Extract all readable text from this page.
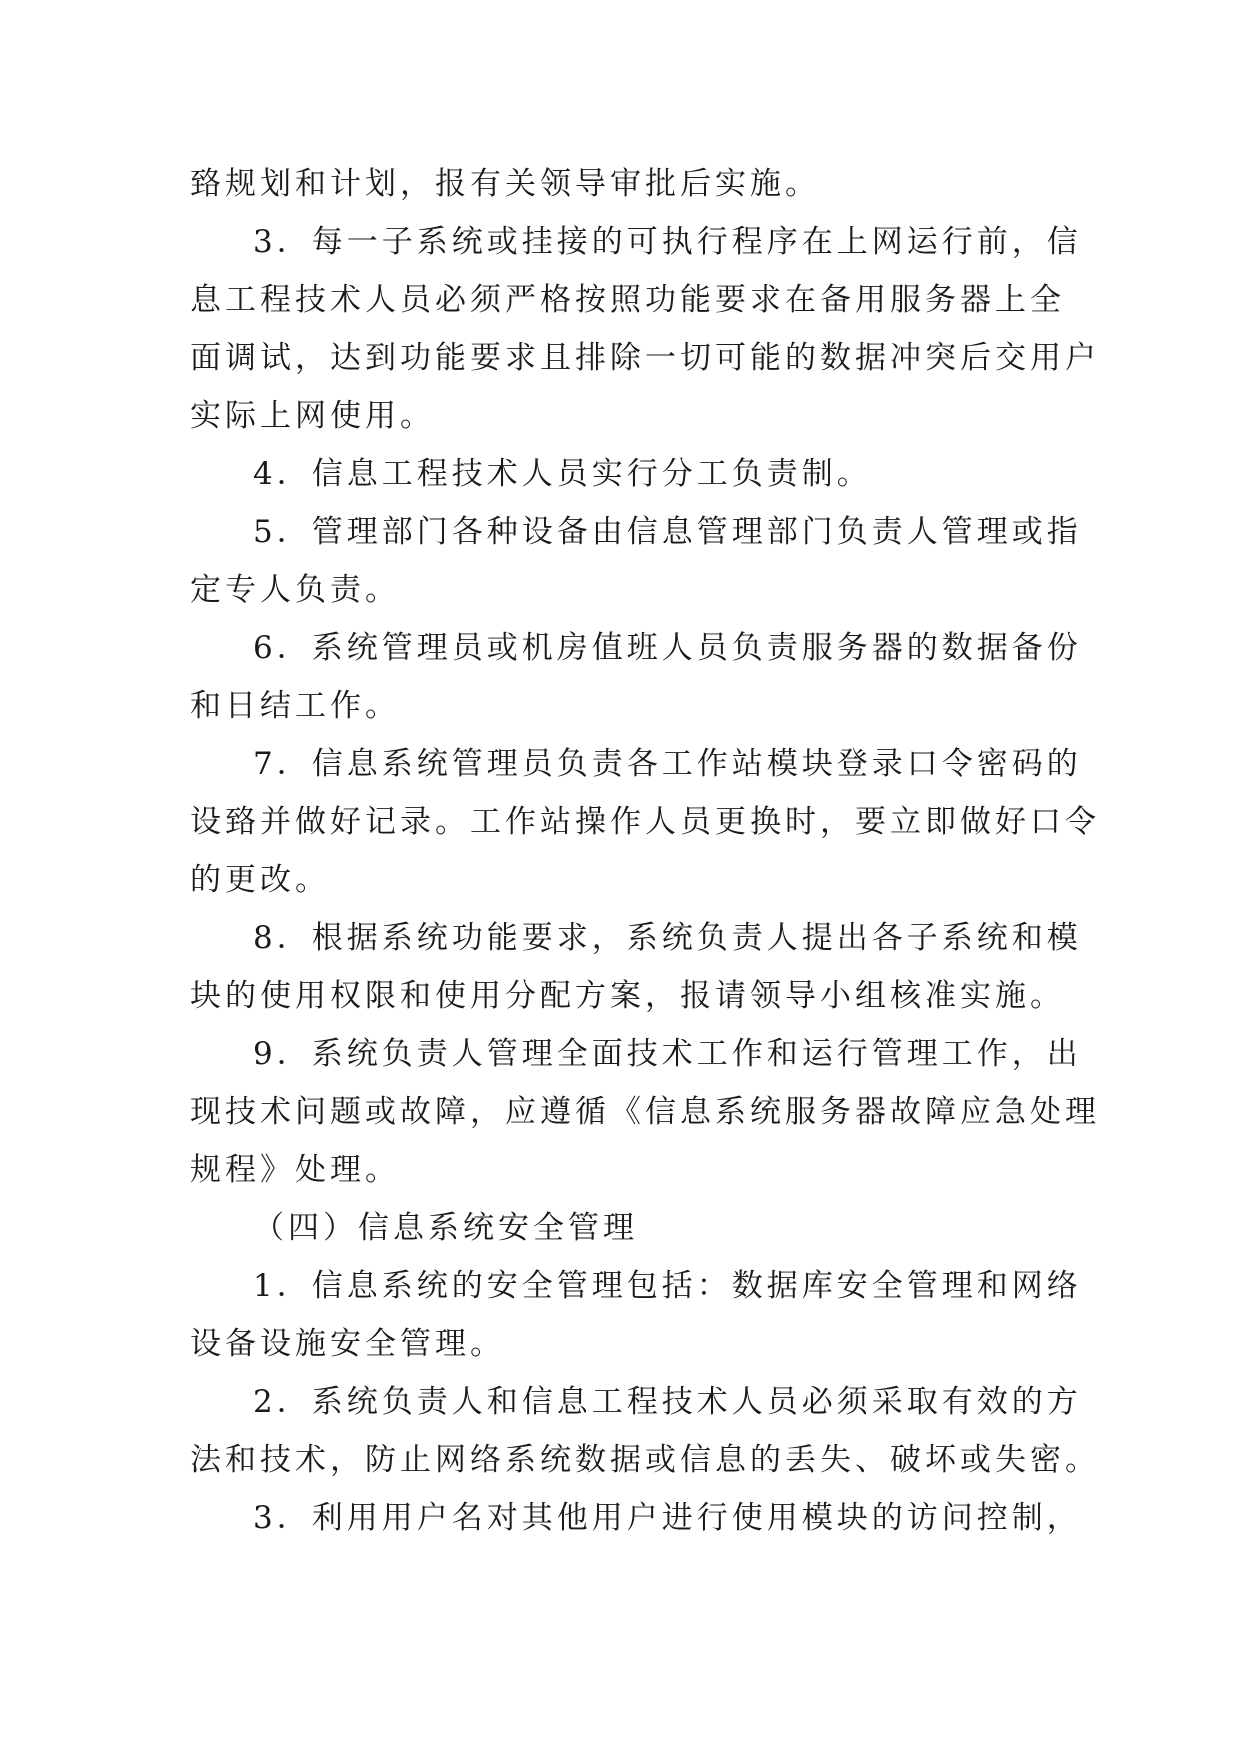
臵规划和计划，报有关领导审批后实施。
3．每一子系统或挂接的可执行程序在上网运行前，信
息工程技术人员必须严格按照功能要求在备用服务器上全
面调试，达到功能要求且排除一切可能的数据冲突后交用户
实际上网使用。
4．信息工程技术人员实行分工负责制。
5．管理部门各种设备由信息管理部门负责人管理或指
定专人负责。
6．系统管理员或机房值班人员负责服务器的数据备份
和日结工作。
7．信息系统管理员负责各工作站模块登录口令密码的
设臵并做好记录。工作站操作人员更换时，要立即做好口令
的更改。
8．根据系统功能要求，系统负责人提出各子系统和模
块的使用权限和使用分配方案，报请领导小组核准实施。
9．系统负责人管理全面技术工作和运行管理工作，出
现技术问题或故障，应遵循《信息系统服务器故障应急处理
规程》处理。
（四）信息系统安全管理
1．信息系统的安全管理包括：数据库安全管理和网络
设备设施安全管理。
2．系统负责人和信息工程技术人员必须采取有效的方
法和技术，防止网络系统数据或信息的丢失、破坏或失密。
3．利用用户名对其他用户进行使用模块的访问控制，
